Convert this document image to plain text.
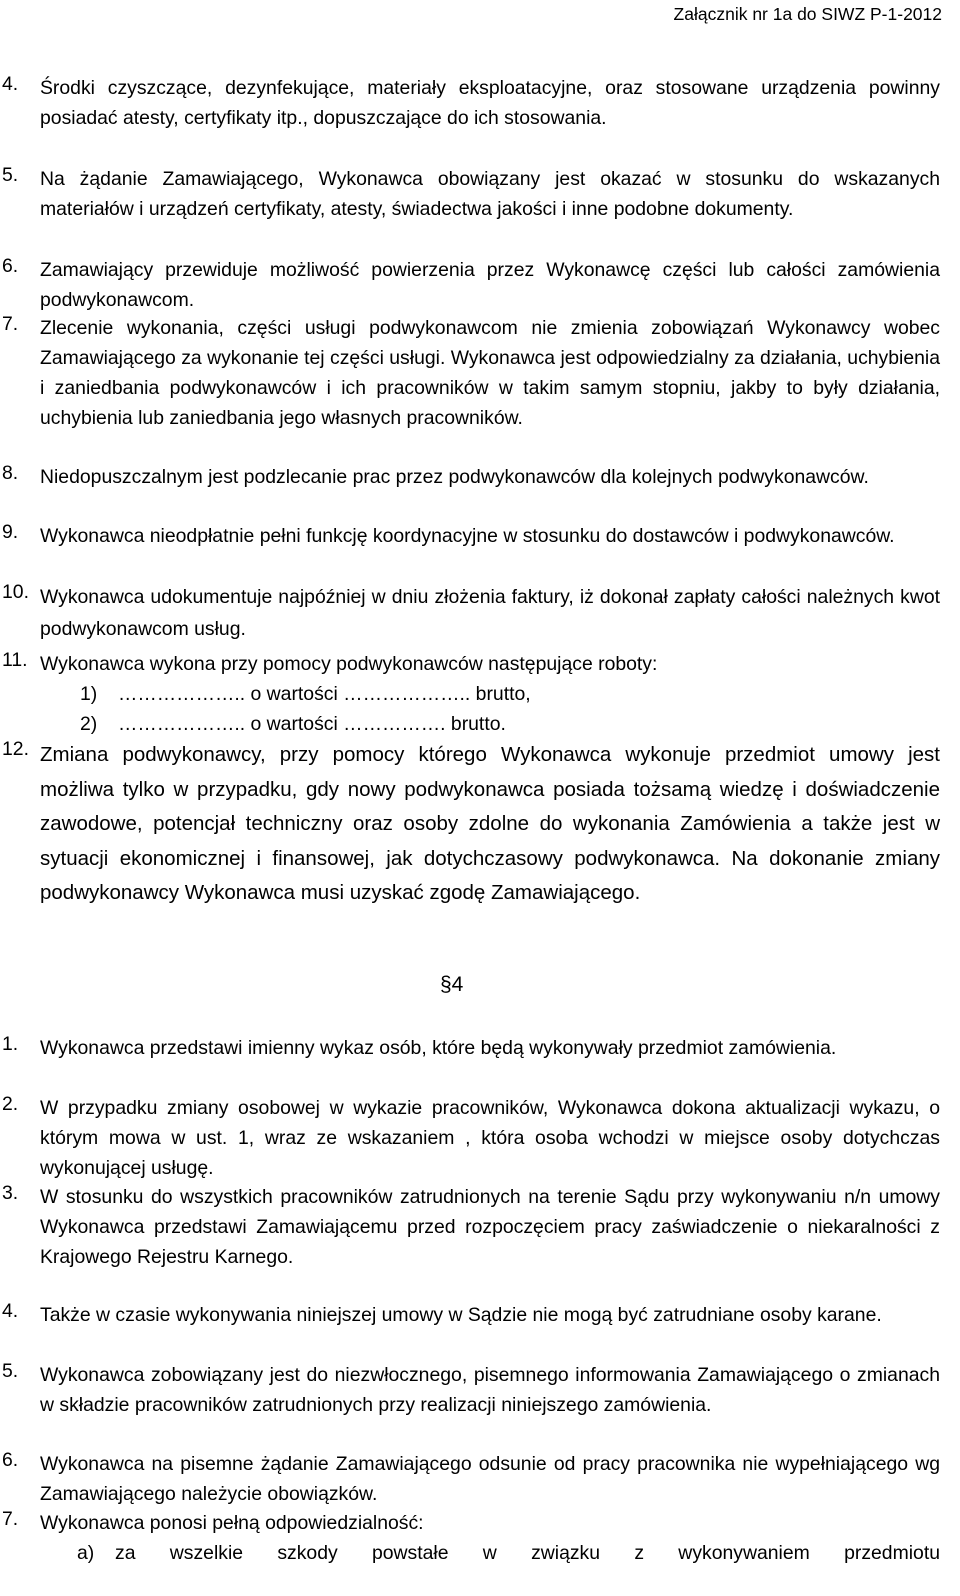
Załącznik nr 1a do SIWZ P-1-2012
4. Środki czyszczące, dezynfekujące, materiały eksploatacyjne, oraz stosowane urządzenia powinny posiadać atesty, certyfikaty itp., dopuszczające do ich stosowania.
5. Na żądanie Zamawiającego, Wykonawca obowiązany jest okazać w stosunku do wskazanych materiałów i urządzeń certyfikaty, atesty, świadectwa jakości i inne podobne dokumenty.
6. Zamawiający przewiduje możliwość powierzenia przez Wykonawcę części lub całości zamówienia podwykonawcom.
7. Zlecenie wykonania, części usługi podwykonawcom nie zmienia zobowiązań Wykonawcy wobec Zamawiającego za wykonanie tej części usługi. Wykonawca jest odpowiedzialny za działania, uchybienia i zaniedbania podwykonawców i ich pracowników w takim samym stopniu, jakby to były działania, uchybienia lub zaniedbania jego własnych pracowników.
8. Niedopuszczalnym jest podzlecanie prac przez podwykonawców dla kolejnych podwykonawców.
9. Wykonawca nieodpłatnie pełni funkcję koordynacyjne w stosunku do dostawców i podwykonawców.
10. Wykonawca udokumentuje najpóźniej w dniu złożenia faktury, iż dokonał zapłaty całości należnych kwot podwykonawcom usług.
11. Wykonawca wykona przy pomocy podwykonawców następujące roboty:
1) ……………….. o wartości ……………….. brutto,
2) ……………….. o wartości ……………. brutto.
12. Zmiana podwykonawcy, przy pomocy którego Wykonawca wykonuje przedmiot umowy jest możliwa tylko w przypadku, gdy nowy podwykonawca posiada tożsamą wiedzę i doświadczenie zawodowe, potencjał techniczny oraz osoby zdolne do wykonania Zamówienia a także jest w sytuacji ekonomicznej i finansowej, jak dotychczasowy podwykonawca. Na dokonanie zmiany podwykonawcy Wykonawca musi uzyskać zgodę Zamawiającego.
§4
1. Wykonawca przedstawi imienny wykaz osób, które będą wykonywały przedmiot zamówienia.
2. W przypadku zmiany osobowej w wykazie pracowników, Wykonawca dokona aktualizacji wykazu, o którym mowa w ust. 1, wraz ze wskazaniem , która osoba wchodzi w miejsce osoby dotychczas wykonującej usługę.
3. W stosunku do wszystkich pracowników zatrudnionych na terenie Sądu przy wykonywaniu n/n umowy Wykonawca przedstawi Zamawiającemu przed rozpoczęciem pracy zaświadczenie o niekaralności z Krajowego Rejestru Karnego.
4. Także w czasie wykonywania niniejszej umowy w Sądzie nie mogą być zatrudniane osoby karane.
5. Wykonawca zobowiązany jest do niezwłocznego, pisemnego informowania Zamawiającego o zmianach w składzie pracowników zatrudnionych przy realizacji niniejszego zamówienia.
6. Wykonawca na pisemne żądanie Zamawiającego odsunie od pracy pracownika nie wypełniającego wg Zamawiającego należycie obowiązków.
7. Wykonawca ponosi pełną odpowiedzialność:
a)	za wszelkie szkody powstałe w związku z wykonywaniem przedmiotu
